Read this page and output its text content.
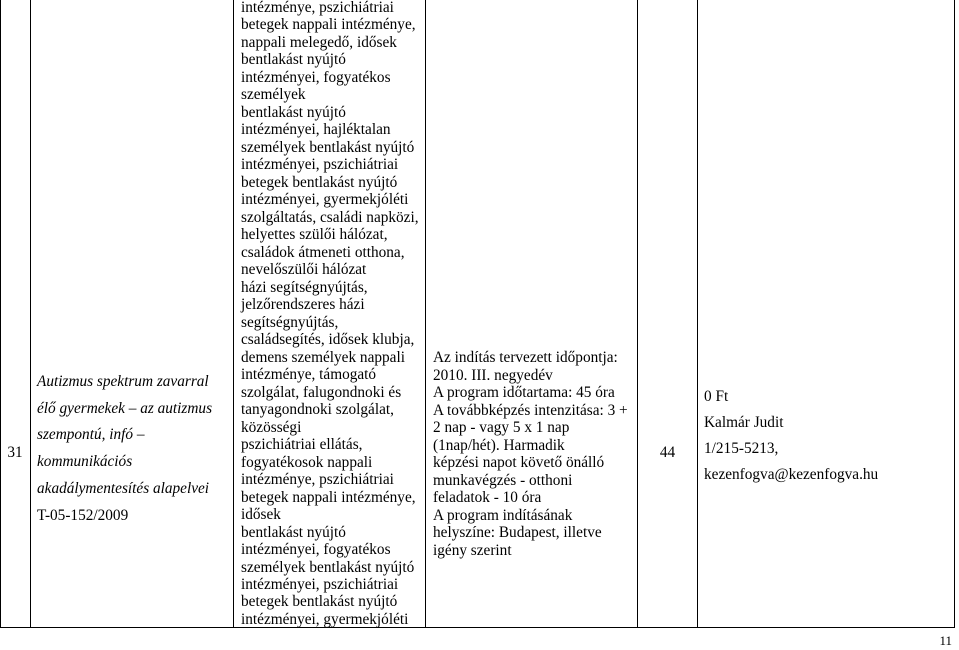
31
Autizmus spektrum zavarral
élő gyermekek – az autizmus
szempontú, infó –
kommunikációs
akadálymentesítés alapelvei
T-05-152/2009
intézménye, pszichiátriai
betegek nappali intézménye,
nappali melegedő, idősek
bentlakást nyújtó
intézményei, fogyatékos
személyek
bentlakást nyújtó
intézményei, hajléktalan
személyek bentlakást nyújtó
intézményei, pszichiátriai
betegek bentlakást nyújtó
intézményei, gyermekjóléti
szolgáltatás, családi napközi,
helyettes szülői hálózat,
családok átmeneti otthona,
nevelőszülői hálózat
házi segítségnyújtás,
jelzőrendszeres házi
segítségnyújtás,
családsegítés, idősek klubja,
demens személyek nappali
intézménye, támogató
szolgálat, falugondnoki és
tanyagondnoki szolgálat,
közösségi
pszichiátriai ellátás,
fogyatékosok nappali
intézménye, pszichiátriai
betegek nappali intézménye,
idősek
bentlakást nyújtó
intézményei, fogyatékos
személyek bentlakást nyújtó
intézményei, pszichiátriai
betegek bentlakást nyújtó
intézményei, gyermekjóléti
Az indítás tervezett időpontja:
2010. III. negyedév
A program időtartama: 45 óra
A továbbképzés intenzitása: 3 +
2 nap - vagy 5 x 1 nap
(1nap/hét). Harmadik
képzési napot követő önálló
munkavégzés - otthoni
feladatok - 10 óra
A program indításának
helyszíne: Budapest, illetve
igény szerint
44
0 Ft
Kalmár Judit
1/215-5213,
kezenfogva@kezenfogva.hu
11
